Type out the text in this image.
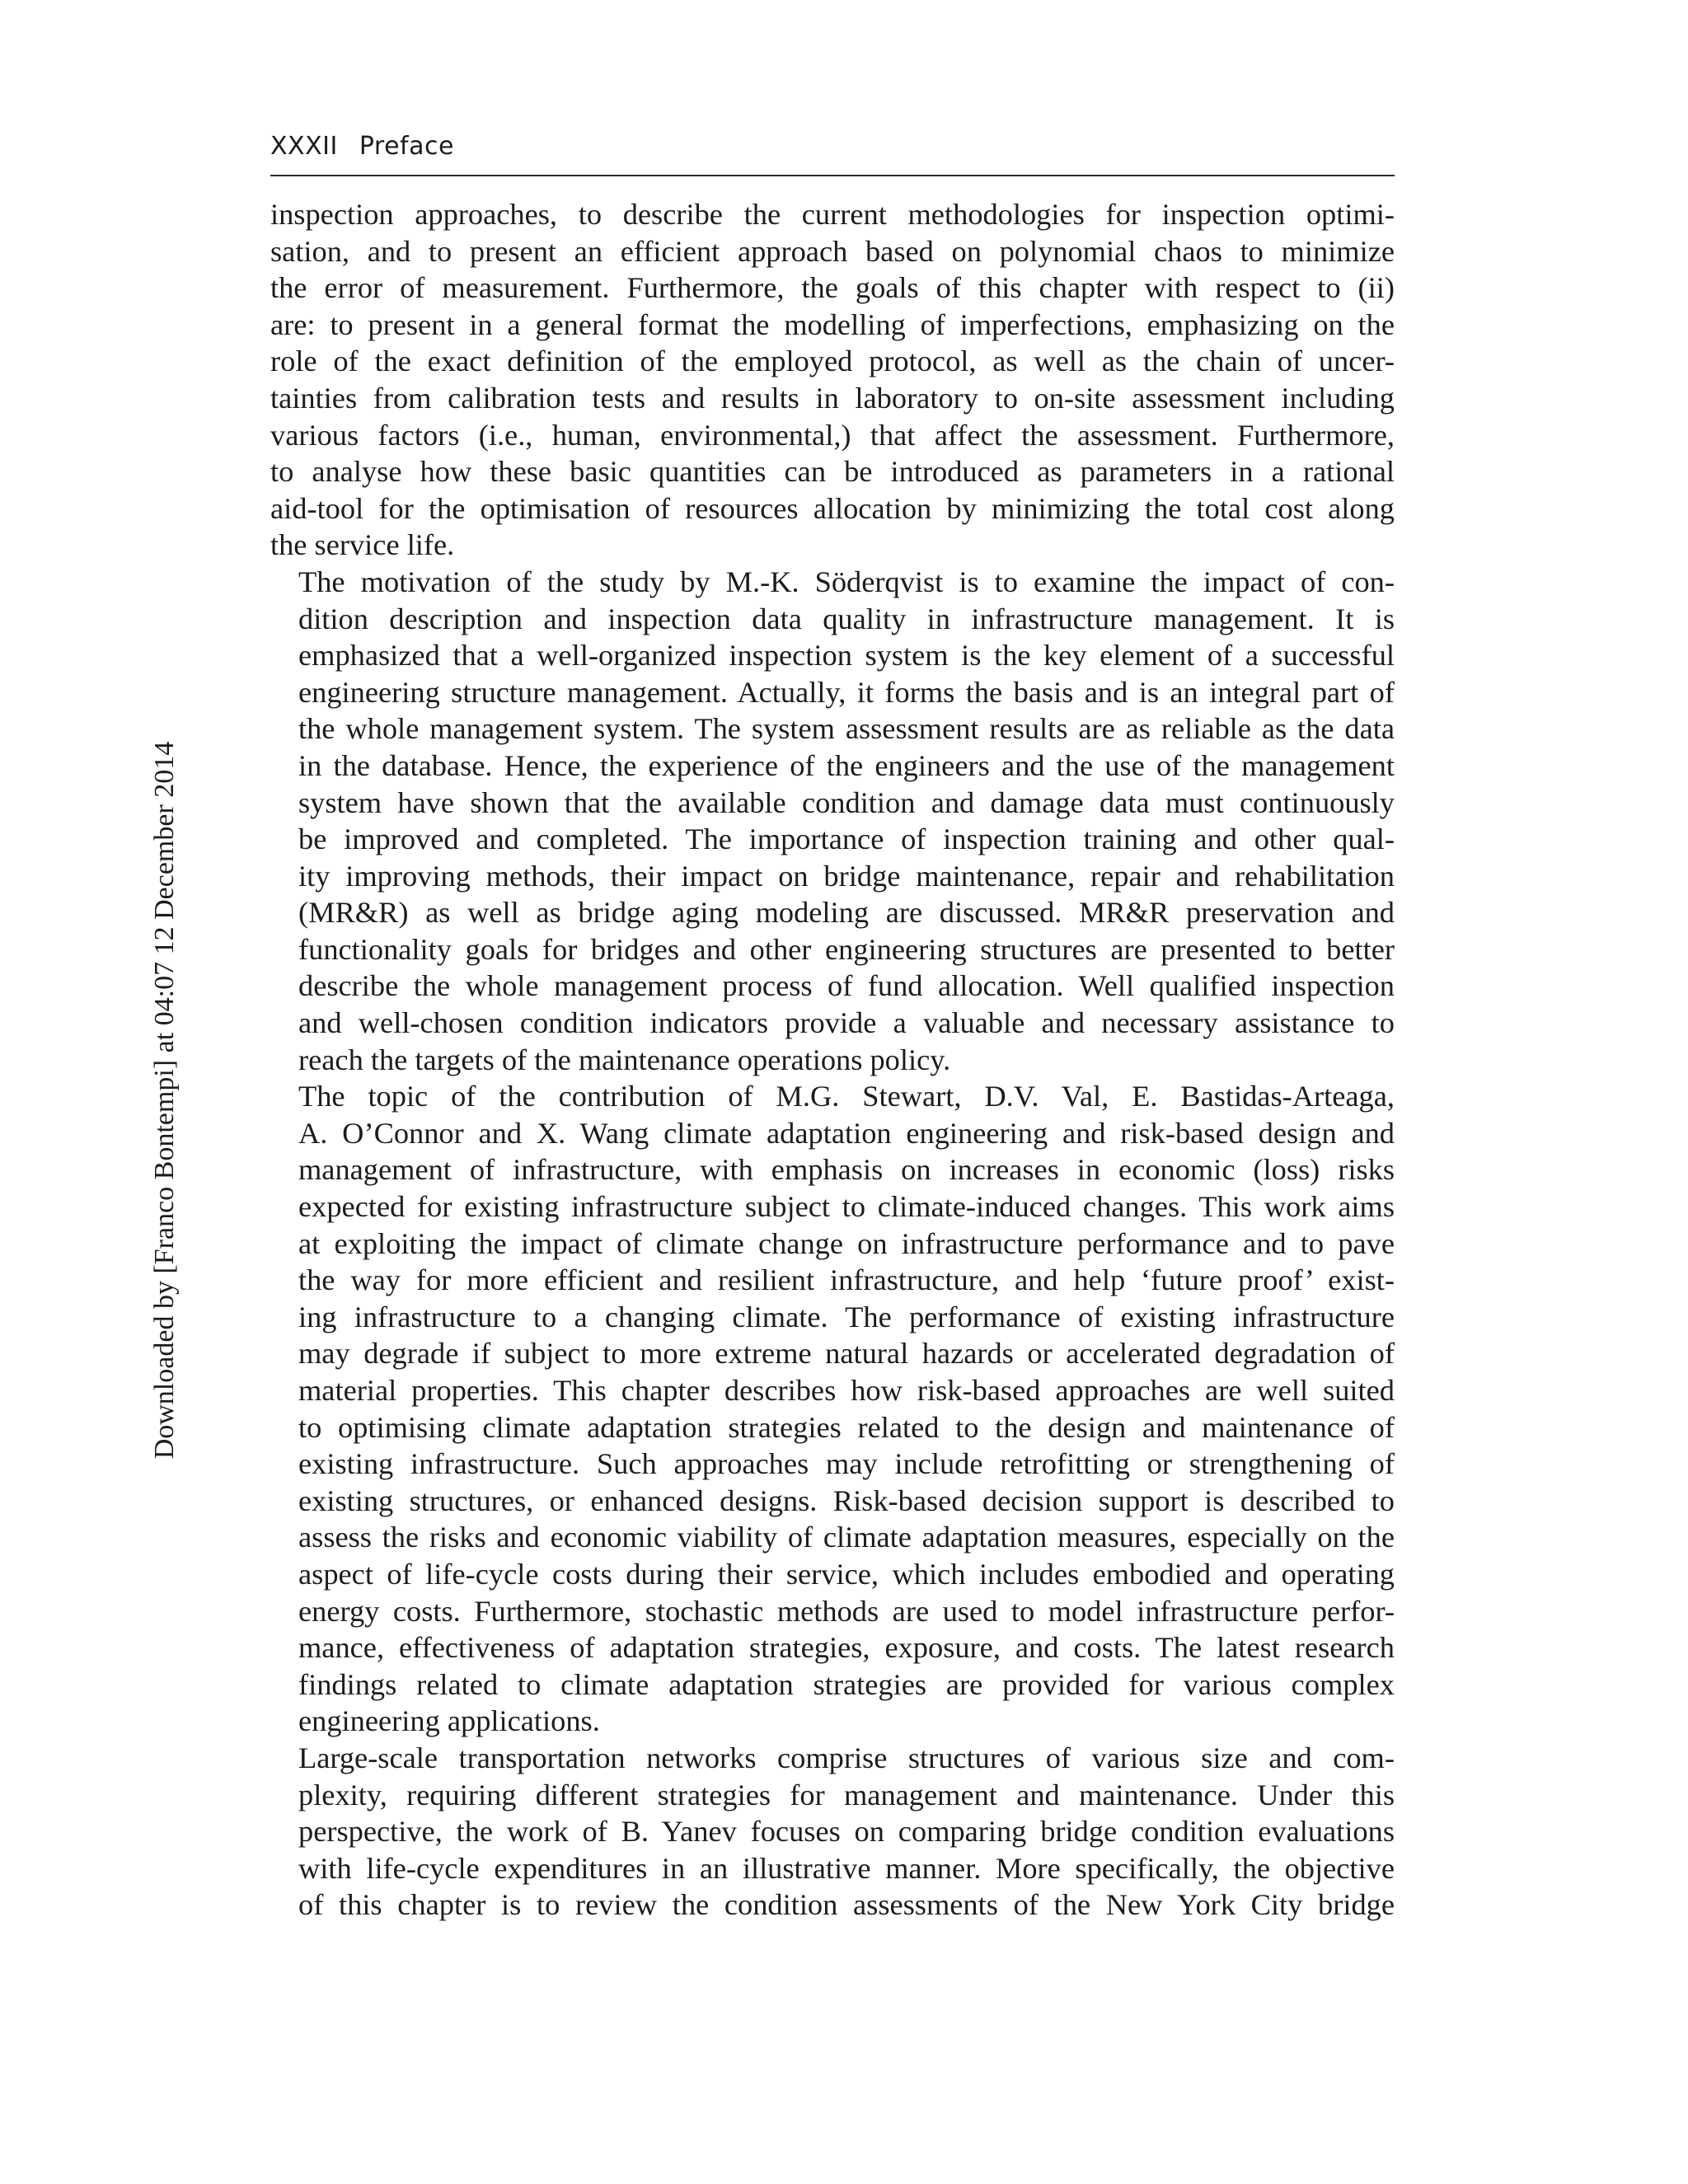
XXXII Preface
Downloaded by [Franco Bontempi] at 04:07 12 December 2014
inspection approaches, to describe the current methodologies for inspection optimi-
sation, and to present an efficient approach based on polynomial chaos to minimize
the error of measurement. Furthermore, the goals of this chapter with respect to (ii)
are: to present in a general format the modelling of imperfections, emphasizing on the
role of the exact definition of the employed protocol, as well as the chain of uncer-
tainties from calibration tests and results in laboratory to on-site assessment including
various factors (i.e., human, environmental,) that affect the assessment. Furthermore,
to analyse how these basic quantities can be introduced as parameters in a rational
aid-tool for the optimisation of resources allocation by minimizing the total cost along
the service life.
The motivation of the study by M.-K. Söderqvist is to examine the impact of con-
dition description and inspection data quality in infrastructure management. It is
emphasized that a well-organized inspection system is the key element of a successful
engineering structure management. Actually, it forms the basis and is an integral part of
the whole management system. The system assessment results are as reliable as the data
in the database. Hence, the experience of the engineers and the use of the management
system have shown that the available condition and damage data must continuously
be improved and completed. The importance of inspection training and other qual-
ity improving methods, their impact on bridge maintenance, repair and rehabilitation
(MR&R) as well as bridge aging modeling are discussed. MR&R preservation and
functionality goals for bridges and other engineering structures are presented to better
describe the whole management process of fund allocation. Well qualified inspection
and well-chosen condition indicators provide a valuable and necessary assistance to
reach the targets of the maintenance operations policy.
The topic of the contribution of M.G. Stewart, D.V. Val, E. Bastidas-Arteaga,
A. O’Connor and X. Wang climate adaptation engineering and risk-based design and
management of infrastructure, with emphasis on increases in economic (loss) risks
expected for existing infrastructure subject to climate-induced changes. This work aims
at exploiting the impact of climate change on infrastructure performance and to pave
the way for more efficient and resilient infrastructure, and help ‘future proof’ exist-
ing infrastructure to a changing climate. The performance of existing infrastructure
may degrade if subject to more extreme natural hazards or accelerated degradation of
material properties. This chapter describes how risk-based approaches are well suited
to optimising climate adaptation strategies related to the design and maintenance of
existing infrastructure. Such approaches may include retrofitting or strengthening of
existing structures, or enhanced designs. Risk-based decision support is described to
assess the risks and economic viability of climate adaptation measures, especially on the
aspect of life-cycle costs during their service, which includes embodied and operating
energy costs. Furthermore, stochastic methods are used to model infrastructure perfor-
mance, effectiveness of adaptation strategies, exposure, and costs. The latest research
findings related to climate adaptation strategies are provided for various complex
engineering applications.
Large-scale transportation networks comprise structures of various size and com-
plexity, requiring different strategies for management and maintenance. Under this
perspective, the work of B. Yanev focuses on comparing bridge condition evaluations
with life-cycle expenditures in an illustrative manner. More specifically, the objective
of this chapter is to review the condition assessments of the New York City bridge
